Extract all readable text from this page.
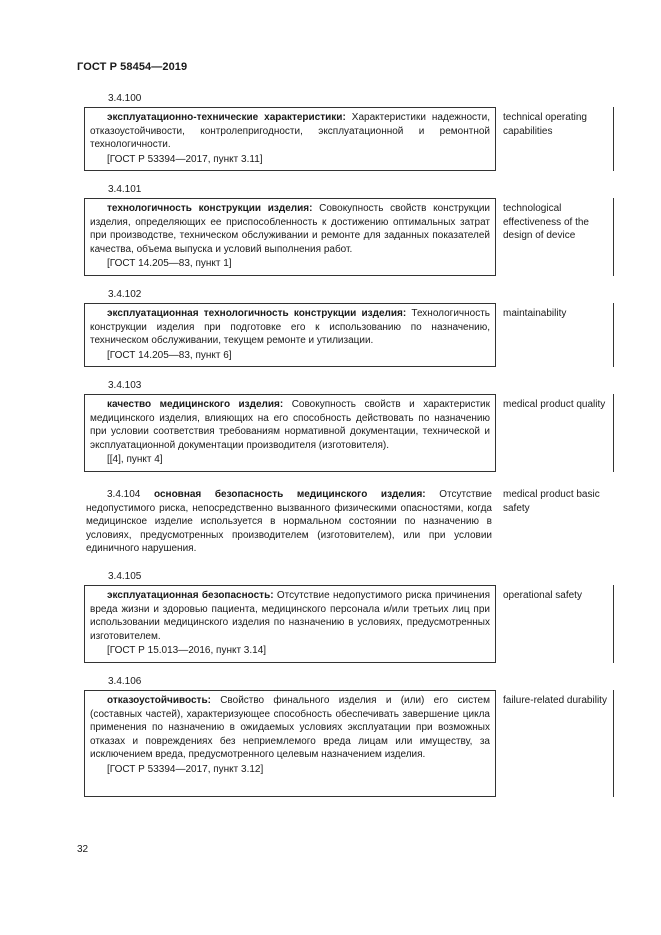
ГОСТ Р 58454—2019
3.4.100

эксплуатационно-технические характеристики: Характеристики надежности, отказоустойчивости, контролепригодности, эксплуатационной и ремонтной технологичности.

[ГОСТ Р 53394—2017, пункт 3.11]

technical operating capabilities
3.4.101

технологичность конструкции изделия: Совокупность свойств конструкции изделия, определяющих ее приспособленность к достижению оптимальных затрат при производстве, техническом обслуживании и ремонте для заданных показателей качества, объема выпуска и условий выполнения работ.

[ГОСТ 14.205—83, пункт 1]

technological effectiveness of the design of device
3.4.102

эксплуатационная технологичность конструкции изделия: Технологичность конструкции изделия при подготовке его к использованию по назначению, техническом обслуживании, текущем ремонте и утилизации.

[ГОСТ 14.205—83, пункт 6]

maintainability
3.4.103

качество медицинского изделия: Совокупность свойств и характеристик медицинского изделия, влияющих на его способность действовать по назначению при условии соответствия требованиям нормативной документации, технической и эксплуатационной документации производителя (изготовителя).

[[4], пункт 4]

medical product quality

3.4.104 основная безопасность медицинского изделия: Отсутствие недопустимого риска, непосредственно вызванного физическими опасностями, когда медицинское изделие используется в нормальном состоянии по назначению в условиях, предусмотренных производителем (изготовителем), или при условии единичного нарушения.

medical product basic safety
3.4.105

эксплуатационная безопасность: Отсутствие недопустимого риска причинения вреда жизни и здоровью пациента, медицинского персонала и/или третьих лиц при использовании медицинского изделия по назначению в условиях, предусмотренных изготовителем.

[ГОСТ Р 15.013—2016, пункт 3.14]

operational safety
3.4.106

отказоустойчивость: Свойство финального изделия и (или) его систем (составных частей), характеризующее способность обеспечивать завершение цикла применения по назначению в ожидаемых условиях эксплуатации при возможных отказах и повреждениях без неприемлемого вреда лицам или имуществу, за исключением вреда, предусмотренного целевым назначением изделия.

[ГОСТ Р 53394—2017, пункт 3.12]

failure-related durability
32
